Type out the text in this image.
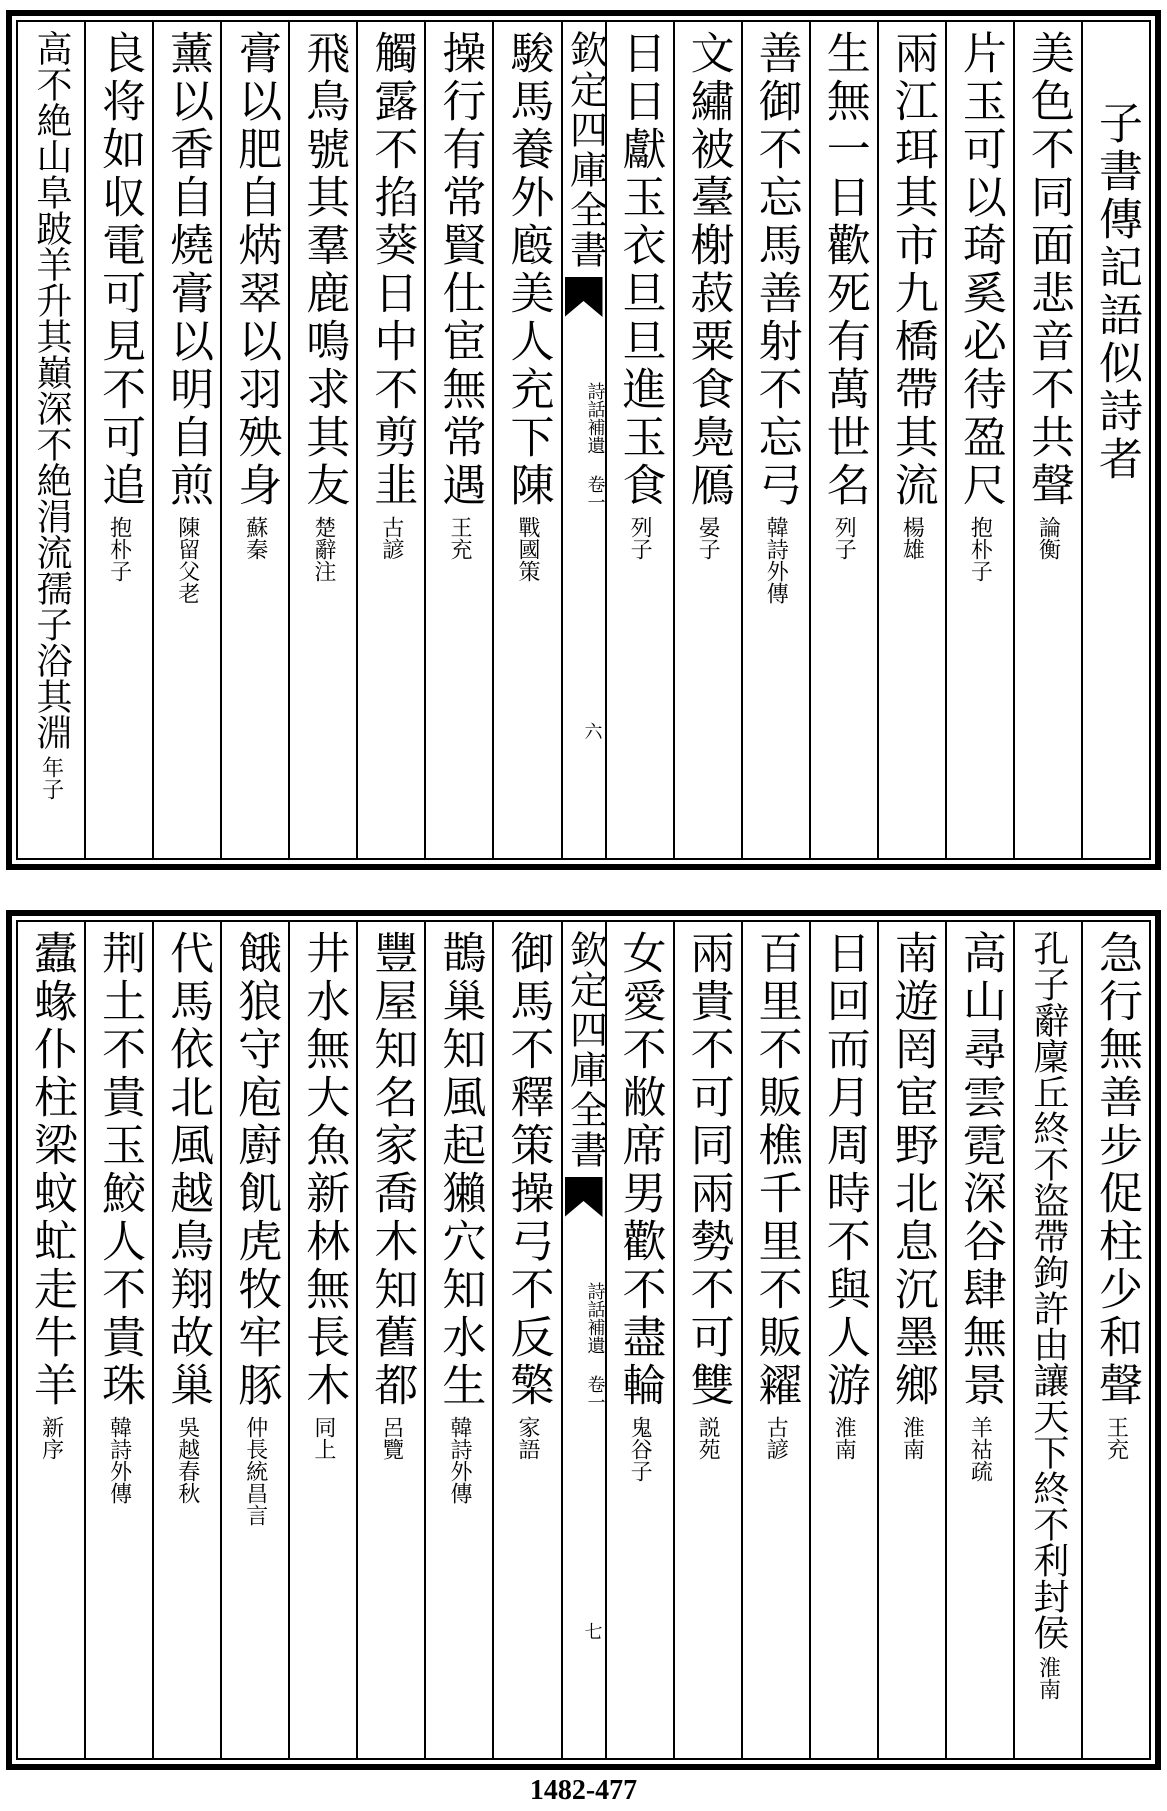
子書傳記語似詩者
美色不同面悲音不共聲
論衡
片玉可以琦奚必待盈尺
抱朴子
兩江珥其市九橋帶其流
楊雄
生無一日歡死有萬世名
列子
善御不忘馬善射不忘弓
韓詩外傳
文繡被臺榭菽粟食鳧鴈
晏子
日日獻玉衣旦旦進玉食
列子
欽定四庫全書
詩話補遺 卷一
六
駿馬養外廏美人充下陳
戰國策
操行有常賢仕宦無常遇
王充
觸露不掐葵日中不剪韭
古諺
飛鳥號其羣鹿鳴求其友
楚辭注
膏以肥自焫翠以羽殃身
蘇秦
薰以香自燒膏以明自煎
陳留父老
良将如収電可見不可追
抱朴子
高不絶山阜跛羊升其巔深不絶涓流孺子浴其淵
年子
急行無善步促柱少和聲
王充
孔子辭廩丘終不盜帶鉤許由讓天下終不利封侯
淮南
高山尋雲霓深谷肆無景
羊祜疏
南遊罔宦野北息沉墨鄉
淮南
日回而月周時不與人游
淮南
百里不販樵千里不販糴
古諺
兩貴不可同兩勢不可雙
説苑
女愛不敝席男歡不盡輪
鬼谷子
欽定四庫全書
詩話補遺 卷一
七
御馬不釋策操弓不反檠
家語
鵲巢知風起獺穴知水生
韓詩外傳
豐屋知名家喬木知舊都
呂覽
井水無大魚新林無長木
同上
餓狼守庖廚飢虎牧牢豚
仲長統昌言
代馬依北風越鳥翔故巢
吳越春秋
荆土不貴玉鮫人不貴珠
韓詩外傳
蠹蝝仆柱梁蚊虻走牛羊
新序
1482-477
